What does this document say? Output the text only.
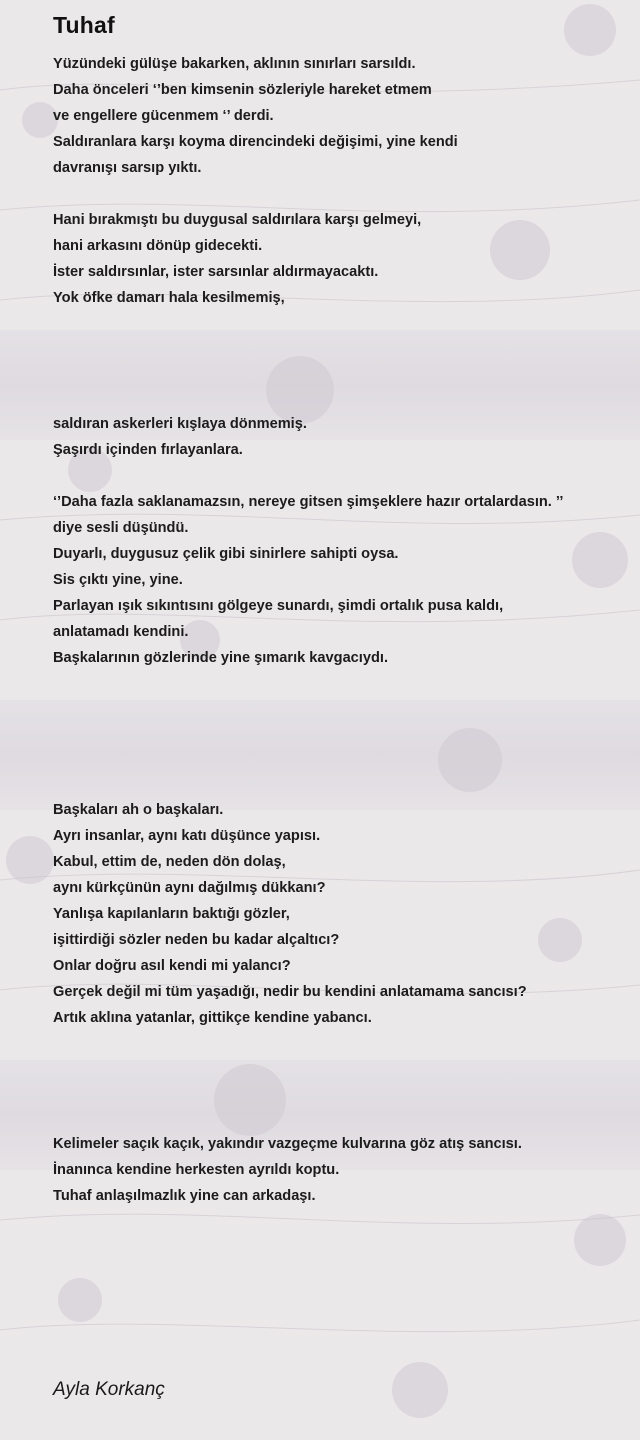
Tuhaf
Yüzündeki gülüşe bakarken, aklının sınırları sarsıldı.
Daha önceleri ‘’ben kimsenin sözleriyle hareket etmem
ve engellere gücenmem ‘’ derdi.
Saldıranlara karşı koyma direncindeki değişimi, yine kendi
davranışı sarsıp yıktı.
Hani bırakmıştı bu duygusal saldırılara karşı gelmeyi,
hani arkasını dönüp gidecekti.
İster saldırsınlar, ister sarsınlar aldırmayacaktı.
Yok öfke damarı hala kesilmemiş,
saldıran askerleri kışlaya dönmemiş.
Şaşırdı içinden fırlayanlara.
‘’Daha fazla saklanamazsın, nereye gitsen şimşeklere hazır ortalardasın. ’’
diye sesli düşündü.
Duyarlı, duygusuz çelik gibi sinirlere sahipti oysa.
Sis çıktı yine, yine.
Parlayan ışık sıkıntısını gölgeye sunardı, şimdi ortalık pusa kaldı,
anlatamadı kendini.
Başkalarının gözlerinde yine şımarık kavgacıydı.
Başkaları ah o başkaları.
Ayrı insanlar, aynı katı düşünce yapısı.
Kabul, ettim de, neden dön dolaş,
aynı kürkçünün aynı dağılmış dükkanı?
Yanlışa kapılanların baktığı gözler,
işittirdiği sözler neden bu kadar alçaltıcı?
Onlar doğru asıl kendi mi yalancı?
Gerçek değil mi tüm yaşadığı, nedir bu kendini anlatamama sancısı?
Artık aklına yatanlar, gittikçe kendine yabancı.
Kelimeler saçık kaçık, yakındır vazgeçme kulvarına göz atış sancısı.
İnanınca kendine herkesten ayrıldı koptu.
Tuhaf anlaşılmazlık yine can arkadaşı.
Ayla Korkanç
